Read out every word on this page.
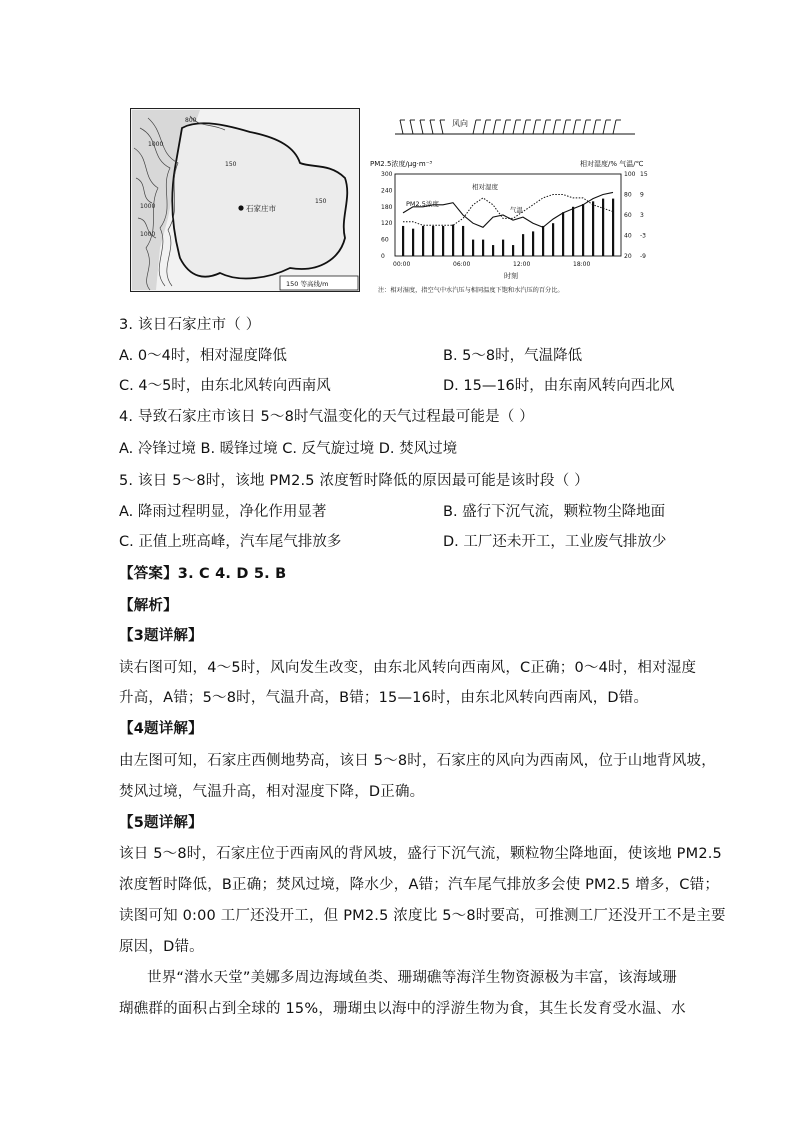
石家庄市
800
1000
1000
1000
150
150
150 等高线/m
风向
PM2.5浓度/μg·m⁻³	相对湿度/% 气温/℃
300
240
180
120
60
0
100
80
60
40
20
15
9
3
-3
-9
相对湿度
PM2.5浓度
气温
00:00	06:00	12:00	18:00
时刻
注：相对湿度，指空气中水汽压与相同温度下饱和水汽压的百分比。
3. 该日石家庄市（ ）
A. 0～4时，相对湿度降低	B. 5～8时，气温降低
C. 4～5时，由东北风转向西南风	D. 15—16时，由东南风转向西北风
4. 导致石家庄市该日 5～8时气温变化的天气过程最可能是（ ）
A. 冷锋过境 B. 暖锋过境 C. 反气旋过境 D. 焚风过境
5. 该日 5～8时，该地 PM2.5 浓度暂时降低的原因最可能是该时段（ ）
A. 降雨过程明显，净化作用显著	B. 盛行下沉气流，颗粒物尘降地面
C. 正值上班高峰，汽车尾气排放多	D. 工厂还未开工，工业废气排放少
【答案】3. C 4. D 5. B
【解析】
【3题详解】
读右图可知，4～5时，风向发生改变，由东北风转向西南风，C正确；0～4时，相对湿度
升高，A错；5～8时，气温升高，B错；15—16时，由东北风转向西南风，D错。
【4题详解】
由左图可知，石家庄西侧地势高，该日 5～8时，石家庄的风向为西南风，位于山地背风坡，
焚风过境，气温升高，相对湿度下降，D正确。
【5题详解】
该日 5～8时，石家庄位于西南风的背风坡，盛行下沉气流，颗粒物尘降地面，使该地 PM2.5
浓度暂时降低，B正确；焚风过境，降水少，A错；汽车尾气排放多会使 PM2.5 增多，C错；
读图可知 0:00 工厂还没开工，但 PM2.5 浓度比 5～8时要高，可推测工厂还没开工不是主要
原因，D错。
世界“潜水天堂”美娜多周边海域鱼类、珊瑚礁等海洋生物资源极为丰富，该海域珊
瑚礁群的面积占到全球的 15%，珊瑚虫以海中的浮游生物为食，其生长发育受水温、水
